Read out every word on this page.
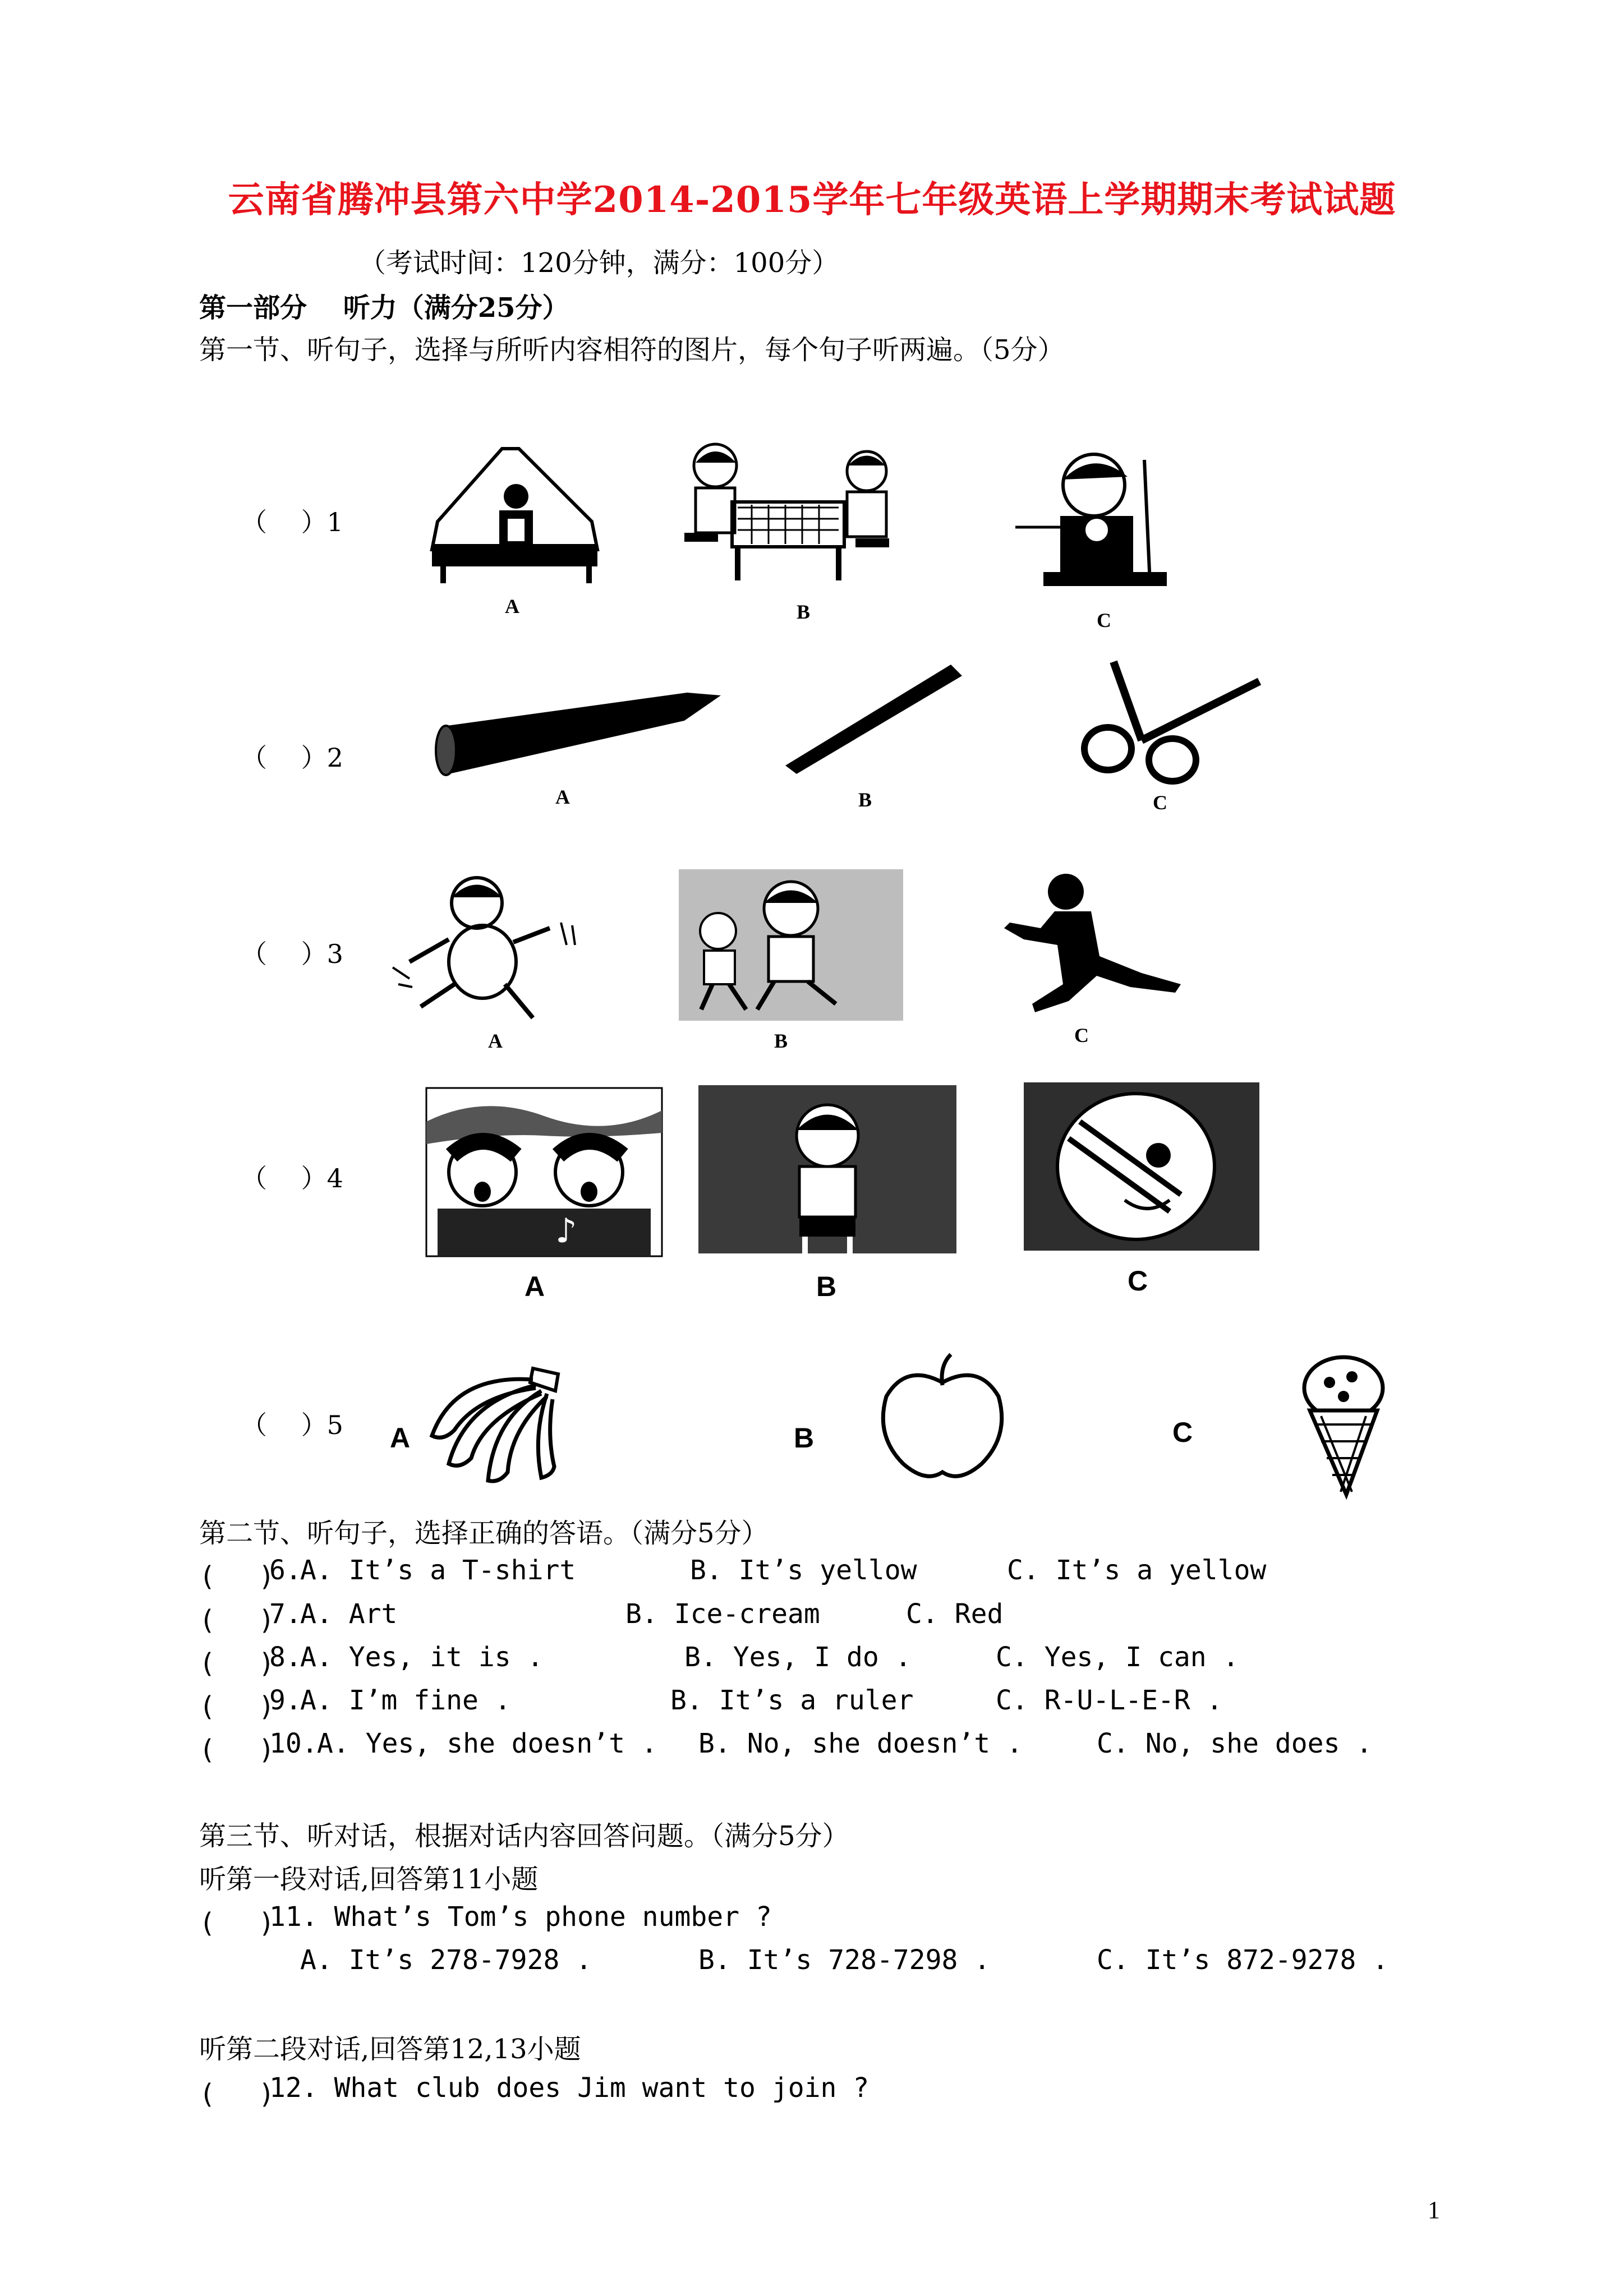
云南省腾冲县第六中学2014-2015学年七年级英语上学期期末考试试题
（考试时间：120分钟，满分：100分）
第一部分　 听力（满分25分）
第一节、听句子，选择与所听内容相符的图片，每个句子听两遍。（5分）
（　 ）1
A	B	C
（　 ）2
A	B	C
（　 ）3
A	B	C
（　 ）4
♪
A	B	C
（　 ）5 A	B	C
第二节、听句子，选择正确的答语。（满分5分）
(　 )
6.
A. It’s a T-shirt	B. It’s yellow	C. It’s a yellow
(　 )
7.
A. Art	B. Ice-cream	C. Red
(　 )
8.
A. Yes, it is .	B. Yes, I do .	C. Yes, I can .
(　 )
9.
A. I’m fine .	B. It’s a ruler	C. R-U-L-E-R .
(　 )
10.
A. Yes, she doesn’t . B. No, she doesn’t .	C. No, she does .
第三节、听对话，根据对话内容回答问题。（满分5分）
听第一段对话,回答第11小题
(　 )
11. What’s Tom’s phone number ?
A. It’s 278-7928 .	B. It’s 728-7298 .	C. It’s 872-9278 .
听第二段对话,回答第12,13小题
(　 )
12. What club does Jim want to join ?
1
